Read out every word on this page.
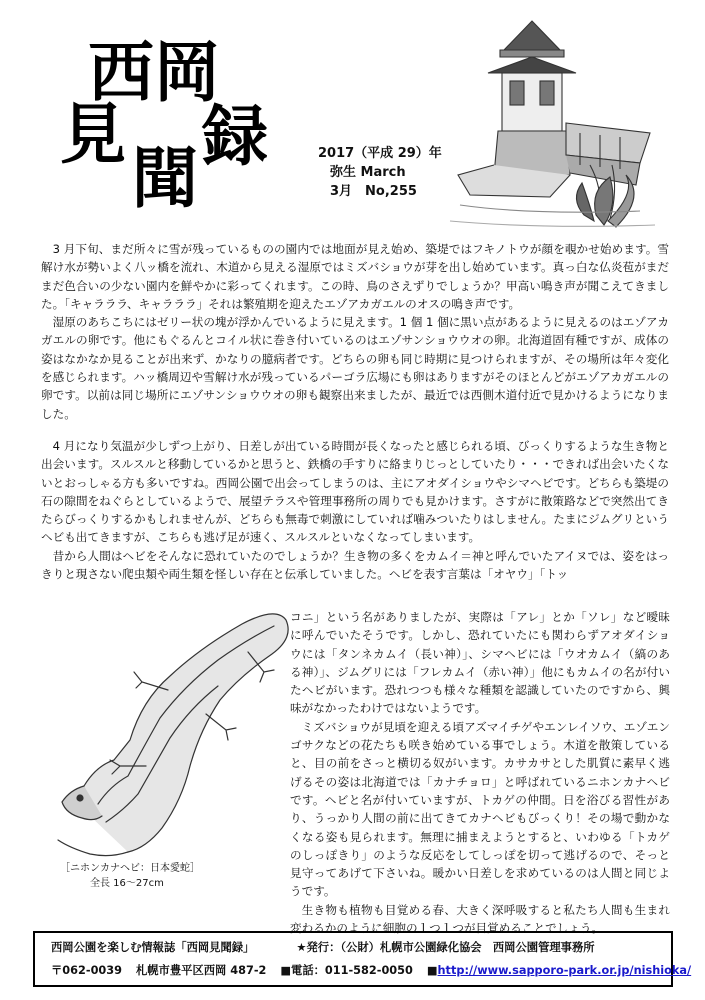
西 岡
見
聞
録	2017（平成 29）年
弥生 March
3月　No,255

3 月下旬、まだ所々に雪が残っているものの園内では地面が見え始め、築堤ではフキノトウが顔を覗かせ始めます。雪解け水が勢いよく八ッ橋を流れ、木道から見える湿原ではミズバショウが芽を出し始めています。真っ白な仏炎苞がまだまだ色合いの少ない園内を鮮やかに彩ってくれます。この時、鳥のさえずりでしょうか？甲高い鳴き声が聞こえてきました。「キャラララ、キャラララ」それは繁殖期を迎えたエゾアカガエルのオスの鳴き声です。

湿原のあちこちにはゼリー状の塊が浮かんでいるように見えます。1 個 1 個に黒い点があるように見えるのはエゾアカガエルの卵です。他にもぐるんとコイル状に巻き付いているのはエゾサンショウウオの卵。北海道固有種ですが、成体の姿はなかなか見ることが出来ず、かなりの臆病者です。どちらの卵も同じ時期に見つけられますが、その場所は年々変化を感じられます。ハッ橋周辺や雪解け水が残っているパーゴラ広場にも卵はありますがそのほとんどがエゾアカガエルの卵です。以前は同じ場所にエゾサンショウウオの卵も観察出来ましたが、最近では西側木道付近で見かけるようになりました。

4 月になり気温が少しずつ上がり、日差しが出ている時間が長くなったと感じられる頃、びっくりするような生き物と出会います。スルスルと移動しているかと思うと、鉄橋の手すりに絡まりじっとしていたり・・・できれば出会いたくないとおっしゃる方も多いですね。西岡公園で出会ってしまうのは、主にアオダイショウやシマヘビです。どちらも築堤の石の隙間をねぐらとしているようで、展望テラスや管理事務所の周りでも見かけます。さすがに散策路などで突然出てきたらびっくりするかもしれませんが、どちらも無毒で刺激にしていれば噛みついたりはしません。たまにジムグリというヘビも出てきますが、こちらも逃げ足が速く、スルスルといなくなってしまいます。

昔から人間はヘビをそんなに恐れていたのでしょうか？生き物の多くをカムイ＝神と呼んでいたアイヌでは、姿をはっきりと現さない爬虫類や両生類を怪しい存在と伝承していました。ヘビを表す言葉は「オヤウ」「トッ

［ニホンカナヘビ：日本愛蛇］
全長 16～27cm

コニ」という名がありましたが、実際は「アレ」とか「ソレ」など曖昧に呼んでいたそうです。しかし、恐れていたにも関わらずアオダイショウには「タンネカムイ（長い神）」、シマヘビには「ウオカムイ（縞のある神）」、ジムグリには「フレカムイ（赤い神）」他にもカムイの名が付いたヘビがいます。恐れつつも様々な種類を認識していたのですから、興味がなかったわけではないようです。

ミズバショウが見頃を迎える頃アズマイチゲやエンレイソウ、エゾエンゴサクなどの花たちも咲き始めている事でしょう。木道を散策していると、目の前をさっと横切る奴がいます。カサカサとした肌質に素早く逃げるその姿は北海道では「カナチョロ」と呼ばれているニホンカナヘビです。ヘビと名が付いていますが、トカゲの仲間。日を浴びる習性があり、うっかり人間の前に出てきてカナヘビもびっくり！その場で動かなくなる姿も見られます。無理に捕まえようとすると、いわゆる「トカゲのしっぽきり」のような反応をしてしっぽを切って逃げるので、そっと見守ってあげて下さいね。暖かい日差しを求めているのは人間と同じようです。

生き物も植物も目覚める春、大きく深呼吸すると私たち人間も生まれ変わるかのように細胞の１つ１つが目覚めることでしょう。

西岡公園を楽しむ情報誌「西岡見聞録」	★発行：（公財）札幌市公園緑化協会　西岡公園管理事務所
〒062-0039 札幌市豊平区西岡 487-2 ■電話：011-582-0050 ■http://www.sapporo-park.or.jp/nishioka/
